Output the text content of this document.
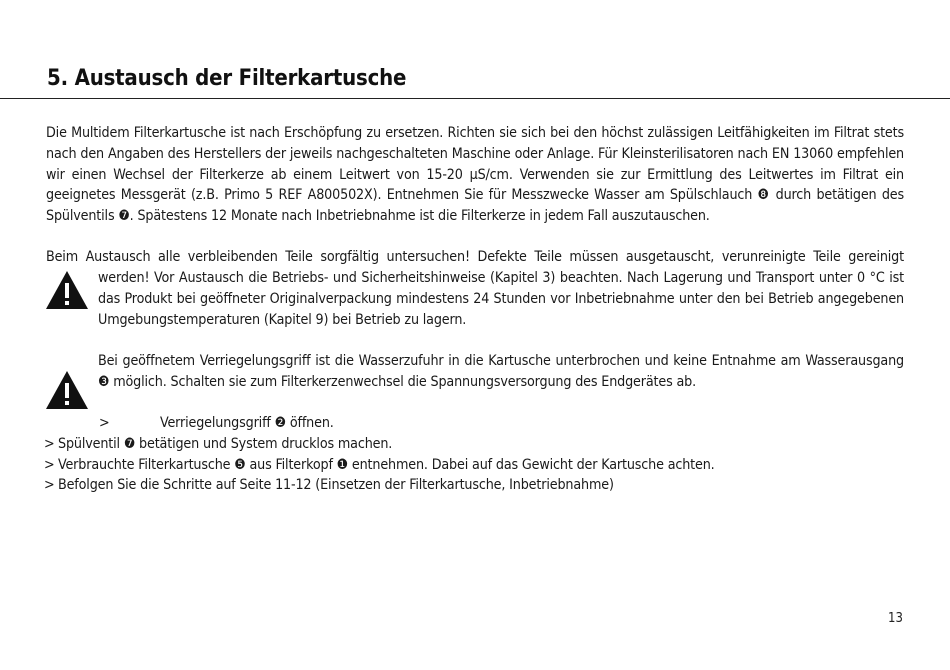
5. Austausch der Filterkartusche

Die Multidem Filterkartusche ist nach Erschöpfung zu ersetzen. Richten sie sich bei den höchst zulässigen Leitfähigkeiten im Filtrat stets nach den Angaben des Herstellers der jeweils nachgeschalteten Maschine oder Anlage. Für Kleinsterilisatoren nach EN 13060 empfehlen wir einen Wechsel der Filterkerze ab einem Leitwert von 15-20 µS/cm. Verwenden sie zur Ermittlung des Leitwertes im Filtrat ein geeignetes Messgerät (z.B. Primo 5 REF A800502X). Entnehmen Sie für Messzwecke Wasser am Spülschlauch ❽ durch betätigen des Spülventils ❼. Spätestens 12 Monate nach Inbetriebnahme ist die Filterkerze in jedem Fall auszutauschen.

Beim Austausch alle verbleibenden Teile sorgfältig untersuchen! Defekte Teile müssen ausgetauscht, verunreinigte Teile gereinigt

werden! Vor Austausch die Betriebs- und Sicherheitshinweise (Kapitel 3) beachten. Nach Lagerung und Transport unter 0 °C ist das Produkt bei geöffneter Originalverpackung mindestens 24 Stunden vor Inbetriebnahme unter den bei Betrieb angegebenen Umgebungstemperaturen (Kapitel 9) bei Betrieb zu lagern.

Bei geöffnetem Verriegelungsgriff ist die Wasserzufuhr in die Kartusche unterbrochen und keine Entnahme am Wasserausgang ❸ möglich. Schalten sie zum Filterkerzenwechsel die Spannungsversorgung des Endgerätes ab.

>	Verriegelungsgriff ❷ öffnen.
> Spülventil ❼ betätigen und System drucklos machen.
> Verbrauchte Filterkartusche ❺ aus Filterkopf ❶ entnehmen. Dabei auf das Gewicht der Kartusche achten.
> Befolgen Sie die Schritte auf Seite 11-12 (Einsetzen der Filterkartusche, Inbetriebnahme)
13
